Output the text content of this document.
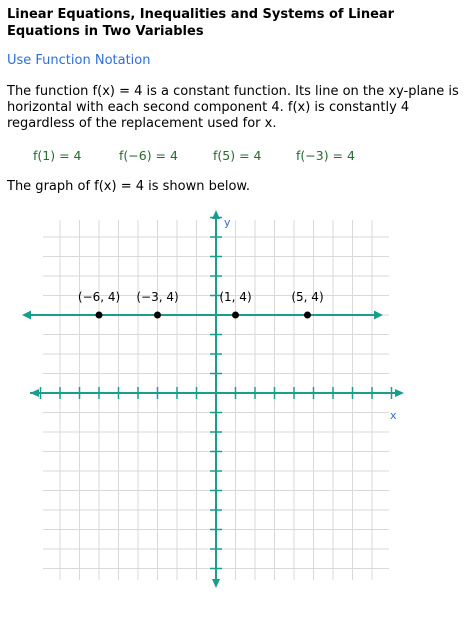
x
y
(−6, 4) (−3, 4)	(1, 4)	(5, 4)
Linear Equations, Inequalities and Systems of Linear Equations in Two Variables
Use Function Notation

The function f(x) = 4 is a constant function. Its line on the xy-plane is horizontal with each second component 4. f(x) is constantly 4 regardless of the replacement used for x.

f(1) = 4	f(−6) = 4	f(5) = 4	f(−3) = 4
The graph of f(x) = 4 is shown below.
